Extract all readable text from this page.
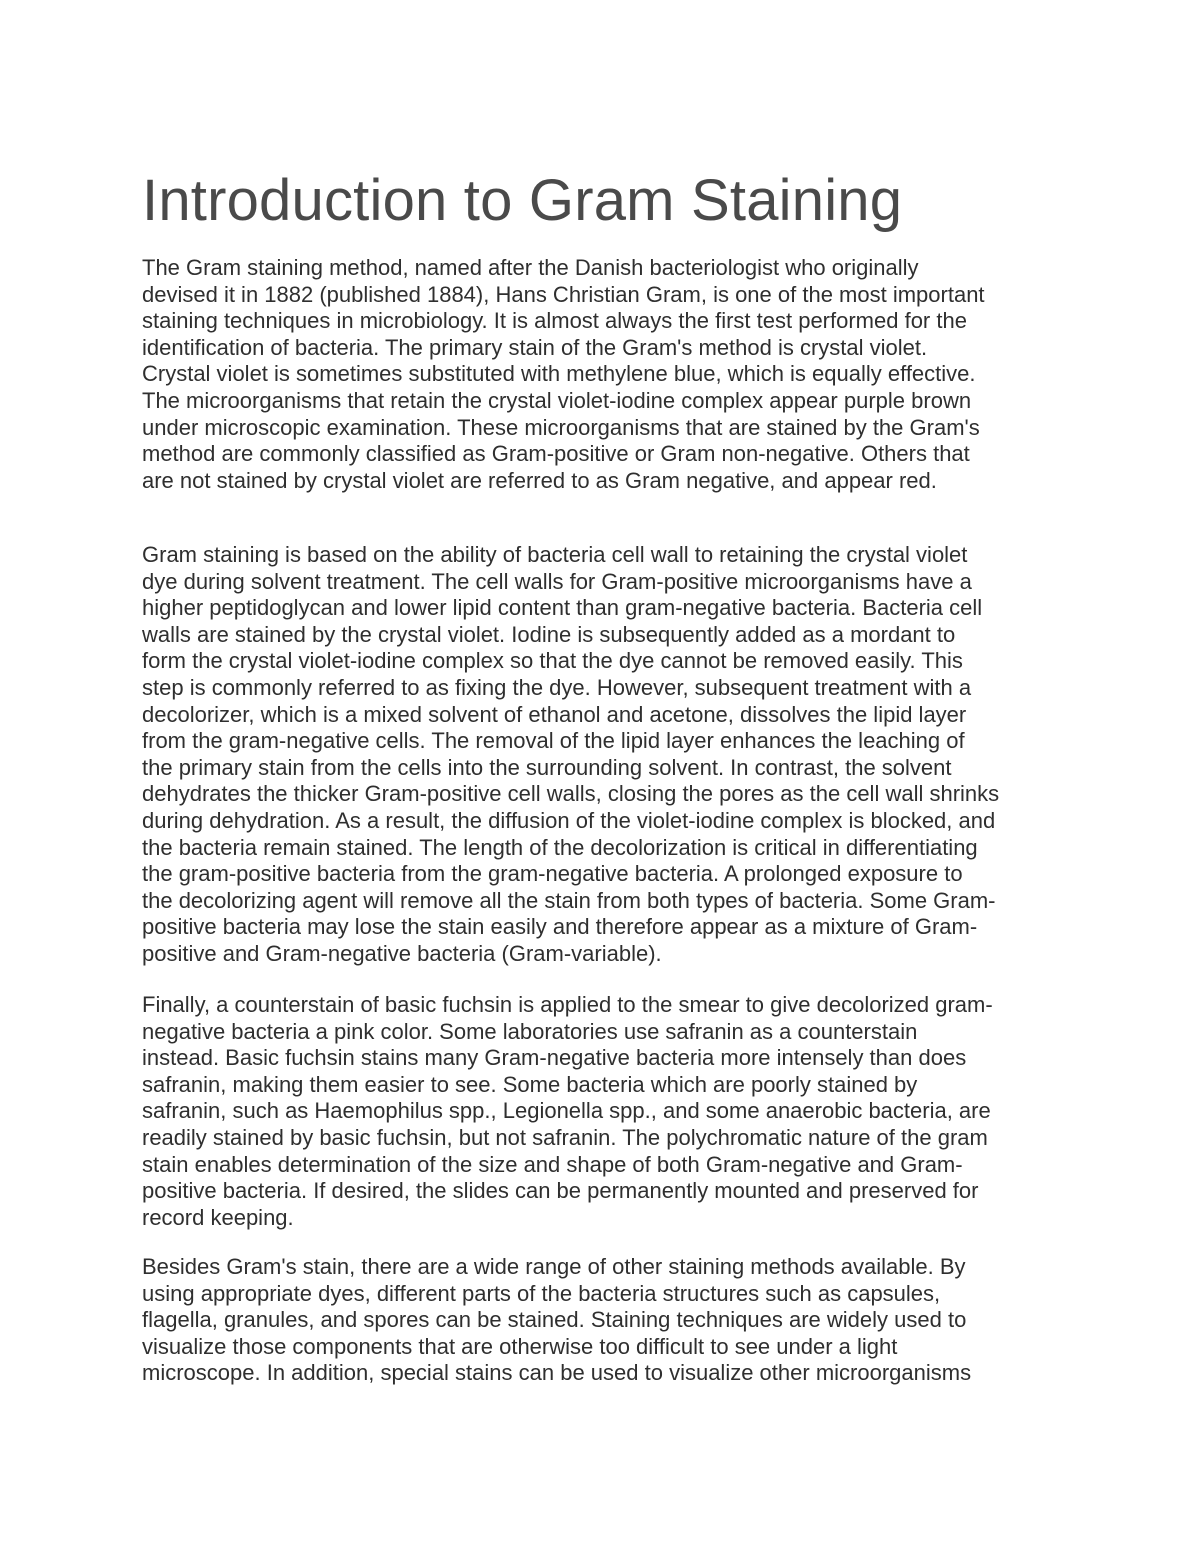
Introduction to Gram Staining
The Gram staining method, named after the Danish bacteriologist who originally
devised it in 1882 (published 1884), Hans Christian Gram, is one of the most important
staining techniques in microbiology. It is almost always the first test performed for the
identification of bacteria. The primary stain of the Gram's method is crystal violet.
Crystal violet is sometimes substituted with methylene blue, which is equally effective.
The microorganisms that retain the crystal violet-iodine complex appear purple brown
under microscopic examination. These microorganisms that are stained by the Gram's
method are commonly classified as Gram-positive or Gram non-negative. Others that
are not stained by crystal violet are referred to as Gram negative, and appear red.
Gram staining is based on the ability of bacteria cell wall to retaining the crystal violet
dye during solvent treatment. The cell walls for Gram-positive microorganisms have a
higher peptidoglycan and lower lipid content than gram-negative bacteria. Bacteria cell
walls are stained by the crystal violet. Iodine is subsequently added as a mordant to
form the crystal violet-iodine complex so that the dye cannot be removed easily. This
step is commonly referred to as fixing the dye. However, subsequent treatment with a
decolorizer, which is a mixed solvent of ethanol and acetone, dissolves the lipid layer
from the gram-negative cells. The removal of the lipid layer enhances the leaching of
the primary stain from the cells into the surrounding solvent. In contrast, the solvent
dehydrates the thicker Gram-positive cell walls, closing the pores as the cell wall shrinks
during dehydration. As a result, the diffusion of the violet-iodine complex is blocked, and
the bacteria remain stained. The length of the decolorization is critical in differentiating
the gram-positive bacteria from the gram-negative bacteria. A prolonged exposure to
the decolorizing agent will remove all the stain from both types of bacteria. Some Gram-
positive bacteria may lose the stain easily and therefore appear as a mixture of Gram-
positive and Gram-negative bacteria (Gram-variable).
Finally, a counterstain of basic fuchsin is applied to the smear to give decolorized gram-
negative bacteria a pink color. Some laboratories use safranin as a counterstain
instead. Basic fuchsin stains many Gram-negative bacteria more intensely than does
safranin, making them easier to see. Some bacteria which are poorly stained by
safranin, such as Haemophilus spp., Legionella spp., and some anaerobic bacteria, are
readily stained by basic fuchsin, but not safranin. The polychromatic nature of the gram
stain enables determination of the size and shape of both Gram-negative and Gram-
positive bacteria. If desired, the slides can be permanently mounted and preserved for
record keeping.
Besides Gram's stain, there are a wide range of other staining methods available. By
using appropriate dyes, different parts of the bacteria structures such as capsules,
flagella, granules, and spores can be stained. Staining techniques are widely used to
visualize those components that are otherwise too difficult to see under a light
microscope. In addition, special stains can be used to visualize other microorganisms
